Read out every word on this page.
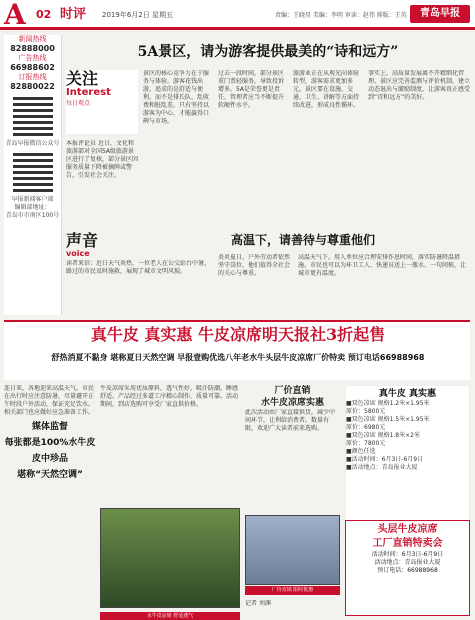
A 02 时评 2019年6月2日 星期五	责编：王晓星 美编：李明 审读：赵伟 排版：王英	青岛早报
新闻热线
82888000
广告热线
66988602
订报热线
82880022
青岛早报微信公众号
早报新闻客户端
编辑部地址：
青岛市市南区100号
5A景区，请为游客提供最美的“诗和远方”
关注
Interest
每日观点
本报评论员 近日，文化和旅游部对全国5A级旅游景区进行了复核，部分景区因服务质量下降被摘牌或警告，引发社会关注。
景区的核心竞争力在于服务与体验。游客花钱出游，追求的是舒适与便利，而不是排长队、乱收费和脏乱差。只有坚持以游客为中心，才能赢得口碑与市场。
过去一段时间，部分景区重门票轻服务，导致投诉增多。5A是荣誉更是责任，管理者应当不断提升软硬件水平。
旅游业正在从观光向体验转型，游客需求更加多元。景区要在设施、交通、卫生、讲解等方面持续改进，形成良性循环。
事实上，高质量发展离不开精细化管理。景区应完善监测与评价机制，建立动态退出与激励制度，让游客真正感受到“诗和远方”的美好。
高温下，请善待与尊重他们
炎炎夏日，户外劳动者依然坚守岗位，他们值得全社会的关心与尊重。
高温天气下，用人单位应合理安排作息时间，落实防暑降温措施。市民也可以为环卫工人、快递员送上一瓶水、一句问候，让城市更有温度。
声音
voice
读者来信：近日天气炎热，一位老人在公交站台中暑，路过的市民及时施救，展现了城市文明风貌。
真牛皮 真实惠 牛皮凉席明天报社3折起售
舒热消夏不黏身 堪称夏日天然空调 早报壹购优选八年老水牛头层牛皮凉席厂价特卖 预订电话66988968
连日来，各地迎来高温天气。市民在出行时应注意防暑，尽量避开正午时段户外活动，保证充足饮水。相关部门也应做好应急准备工作。
媒体监督
每张都是100%水牛皮
皮中珍品
堪称“天然空调”
牛皮凉席采用优质原料，透气性好，吸汗防潮，睡感舒适。产品经过多道工序精心制作，质量可靠。活动期间，到店选购可享受厂家直供价格。
水牛皮凉席 舒适透气
厂价直销
水牛皮凉席实惠
此次活动由厂家直接供货，减少中间环节，让利给消费者。数量有限，欢迎广大读者前来选购。
厂价直销 限时优惠
记者 刘渊
真牛皮 真实惠
■双色凉席 规格1.2米×1.95米
原价：5800元
■双色凉席 规格1.5米×1.95米
原价：6980元
■双色凉席 规格1.8米×2米
原价：7800元
■颜色任选
■活动时间：6月3日-6月9日
■活动地点：青岛报业大厦
头层牛皮凉席
工厂直销特卖会
活动时间：6月3日-6月9日
活动地点：青岛报业大厦
预订电话：66988968
